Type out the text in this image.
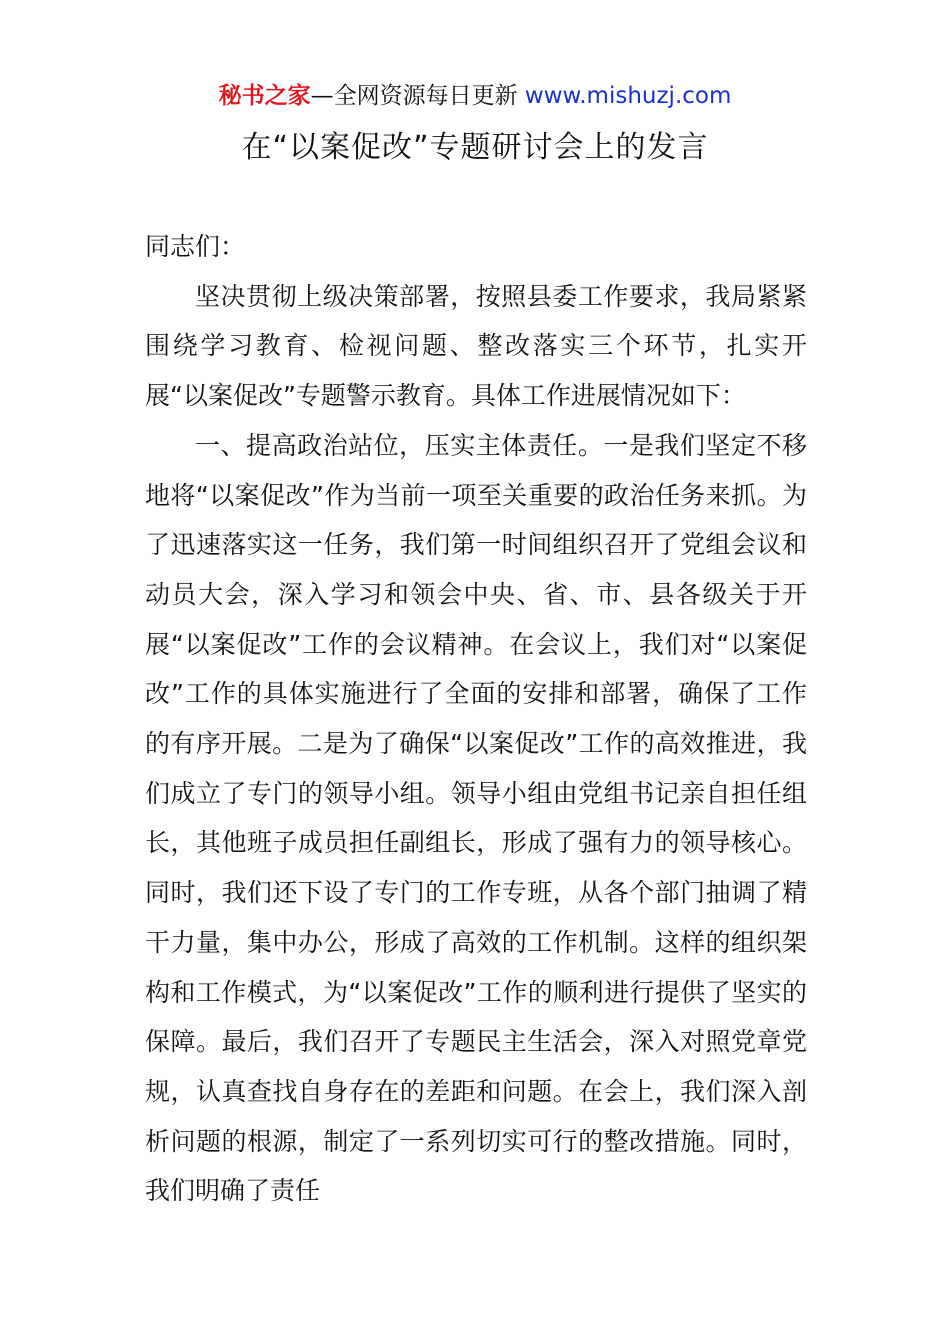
秘书之家—全网资源每日更新 www.mishuzj.com
在“以案促改”专题研讨会上的发言

同志们：

坚决贯彻上级决策部署，按照县委工作要求，我局紧紧围绕学习教育、检视问题、整改落实三个环节，扎实开展“以案促改”专题警示教育。具体工作进展情况如下：

一、提高政治站位，压实主体责任。一是我们坚定不移地将“以案促改”作为当前一项至关重要的政治任务来抓。为了迅速落实这一任务，我们第一时间组织召开了党组会议和动员大会，深入学习和领会中央、省、市、县各级关于开展“以案促改”工作的会议精神。在会议上，我们对“以案促改”工作的具体实施进行了全面的安排和部署，确保了工作的有序开展。二是为了确保“以案促改”工作的高效推进，我们成立了专门的领导小组。领导小组由党组书记亲自担任组长，其他班子成员担任副组长，形成了强有力的领导核心。同时，我们还下设了专门的工作专班，从各个部门抽调了精干力量，集中办公，形成了高效的工作机制。这样的组织架构和工作模式，为“以案促改”工作的顺利进行提供了坚实的保障。最后，我们召开了专题民主生活会，深入对照党章党规，认真查找自身存在的差距和问题。在会上，我们深入剖析问题的根源，制定了一系列切实可行的整改措施。同时，我们明确了责任
